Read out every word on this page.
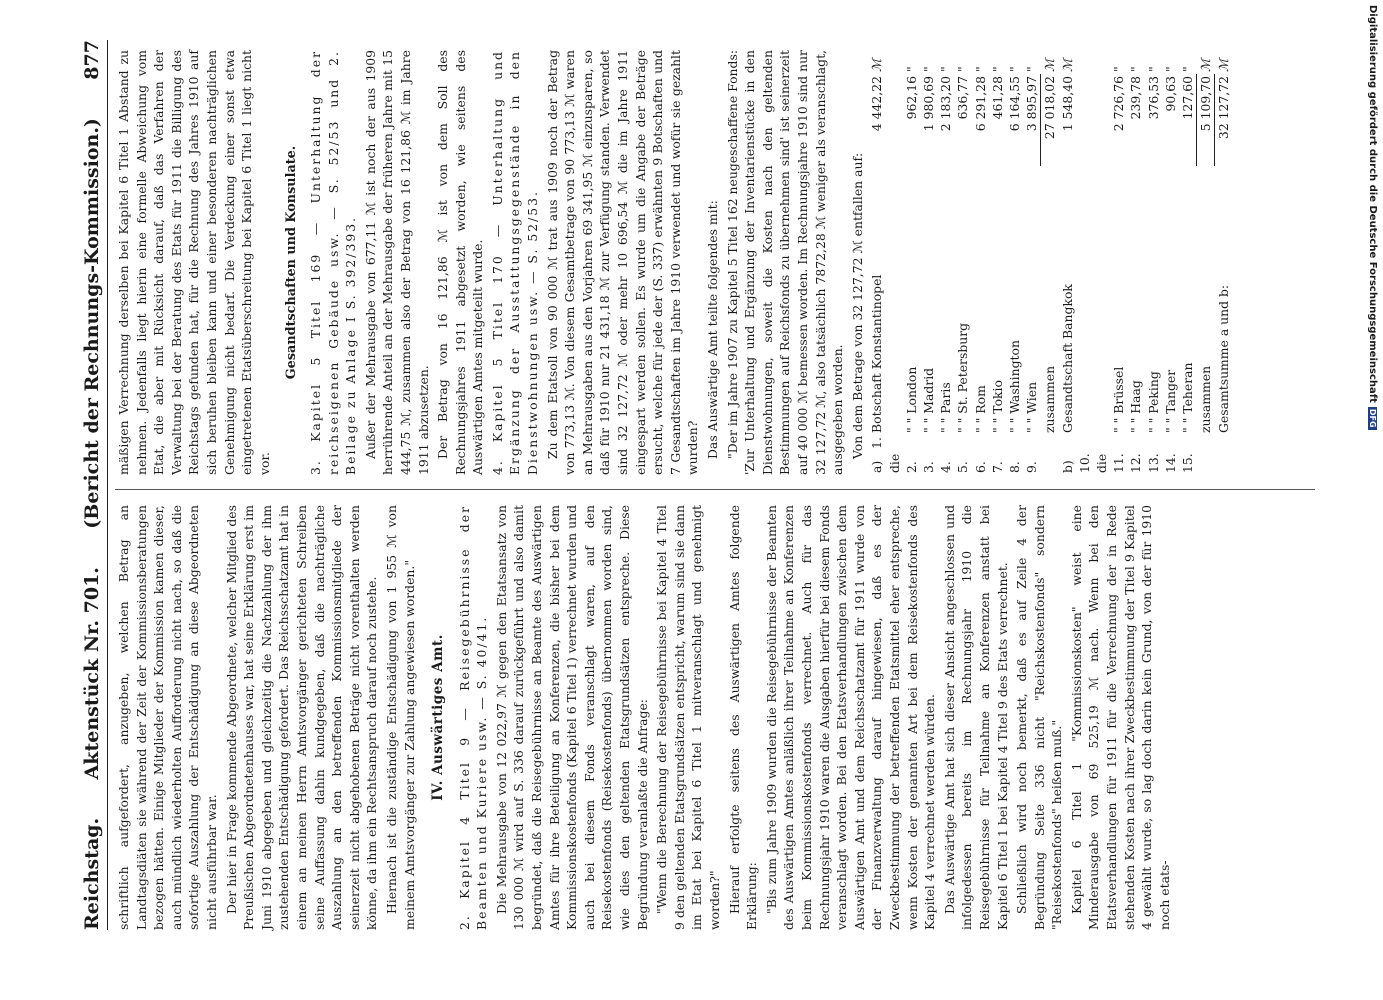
Reichstag.
Aktenstück Nr. 701.
(Bericht der Rechnungs-Kommission.)
877

schriftlich aufgefordert, anzugeben, welchen Betrag an Landtagsdiäten sie während der Zeit der Kommissionsberatungen bezogen hätten. Einige Mitglieder der Kommission kamen dieser, auch mündlich wiederholten Aufforderung nicht nach, so daß die sofortige Auszahlung der Entschädigung an diese Abgeordneten nicht ausführbar war. Der hier in Frage kommende Abgeordnete, welcher Mitglied des Preußischen Abgeordnetenhauses war, hat seine Erklärung erst im Juni 1910 abgegeben und gleichzeitig die Nachzahlung der ihm zustehenden Entschädigung gefordert. Das Reichsschatzamt hat in einem an meinen Herrn Amtsvorgänger gerichteten Schreiben seine Auffassung dahin kundgegeben, daß die nachträgliche Auszahlung an den betreffenden Kommissionsmitgliede der seinerzeit nicht abgehobenen Beträge nicht vorenthalten werden könne, da ihm ein Rechtsanspruch darauf noch zustehe. Hiernach ist die zuständige Entschädigung von 1 955 ℳ von meinem Amtsvorgänger zur Zahlung angewiesen worden." IV. Auswärtiges Amt. 2. Kapitel 4 Titel 9 — Reisegebührnisse der Beamten und Kuriere usw. — S. 40/41. Die Mehrausgabe von 12 022,97 ℳ gegen den Etatsansatz von 130 000 ℳ wird auf S. 336 darauf zurückgeführt und also damit begründet, daß die Reisegebührnisse an Beamte des Auswärtigen Amtes für ihre Beteiligung an Konferenzen, die bisher bei dem Kommissionskostenfonds (Kapitel 6 Titel 1) verrechnet wurden und auch bei diesem Fonds veranschlagt waren, auf den Reisekostenfonds (Reisekostenfonds) übernommen worden sind, wie dies den geltenden Etatsgrundsätzen entspreche. Diese Begründung veranlaßte die Anfrage: "Wenn die Berechnung der Reisegebührnisse bei Kapitel 4 Titel 9 den geltenden Etatsgrundsätzen entspricht, warum sind sie dann im Etat bei Kapitel 6 Titel 1 mitveranschlagt und genehmigt worden?" Hierauf erfolgte seitens des Auswärtigen Amtes folgende Erklärung: "Bis zum Jahre 1909 wurden die Reisegebührnisse der Beamten des Auswärtigen Amtes anläßlich ihrer Teilnahme an Konferenzen beim Kommissionskostenfonds verrechnet. Auch für das Rechnungsjahr 1910 waren die Ausgaben hierfür bei diesem Fonds veranschlagt worden. Bei den Etatsverhandlungen zwischen dem Auswärtigen Amt und dem Reichsschatzamt für 1911 wurde von der Finanzverwaltung darauf hingewiesen, daß es der Zweckbestimmung der betreffenden Etatsmittel eher entspreche, wenn Kosten der genannten Art bei dem Reisekostenfonds des Kapitel 4 verrechnet werden würden. Das Auswärtige Amt hat sich dieser Ansicht angeschlossen und infolgedessen bereits im Rechnungsjahr 1910 die Reisegebührnisse für Teilnahme an Konferenzen anstatt bei Kapitel 6 Titel 1 bei Kapitel 4 Titel 9 des Etats verrechnet. Schließlich wird noch bemerkt, daß es auf Zeile 4 der Begründung Seite 336 nicht "Reichskostenfonds" sondern "Reisekostenfonds" heißen muß." Kapitel 6 Titel 1 "Kommissionskosten" weist eine Minderausgabe von 69 525,19 ℳ nach. Wenn bei den Etatsverhandlungen für 1911 für die Verrechnung der in Rede stehenden Kosten nach ihrer Zweckbestimmung der Titel 9 Kapitel 4 gewählt wurde, so lag doch darin kein Grund, von der für 1910 noch etats-

mäßigen Verrechnung derselben bei Kapitel 6 Titel 1 Abstand zu nehmen. Jedenfalls liegt hierin eine formelle Abweichung vom Etat, die aber mit Rücksicht darauf, daß das Verfahren der Verwaltung bei der Beratung des Etats für 1911 die Billigung des Reichstags gefunden hat, für die Rechnung des Jahres 1910 auf sich beruhen bleiben kann und einer besonderen nachträglichen Genehmigung nicht bedarf. Die Verdeckung einer sonst etwa eingetretenen Etatsüberschreitung bei Kapitel 6 Titel 1 liegt nicht vor.

Gesandtschaften und Konsulate. 3. Kapitel 5 Titel 169 — Unterhaltung der reichseigenen Gebäude usw. — S. 52/53 und 2. Beilage zu Anlage I S. 392/393. Außer der Mehrausgabe von 677,11 ℳ ist noch der aus 1909 herrührende Anteil an der Mehrausgabe der früheren Jahre mit 15 444,75 ℳ, zusammen also der Betrag von 16 121,86 ℳ im Jahre 1911 abzusetzen. Der Betrag von 16 121,86 ℳ ist von dem Soll des Rechnungsjahres 1911 abgesetzt worden, wie seitens des Auswärtigen Amtes mitgeteilt wurde. 4. Kapitel 5 Titel 170 — Unterhaltung und Ergänzung der Ausstattungsgegenstände in den Dienstwohnungen usw. — S. 52/53. Zu dem Etatsoll von 90 000 ℳ trat aus 1909 noch der Betrag von 773,13 ℳ. Von diesem Gesamtbetrage von 90 773,13 ℳ waren an Mehrausgaben aus den Vorjahren 69 341,95 ℳ einzusparen, so daß für 1910 nur 21 431,18 ℳ zur Verfügung standen. Verwendet sind 32 127,72 ℳ oder mehr 10 696,54 ℳ die im Jahre 1911 eingespart werden sollen. Es wurde um die Angabe der Beträge ersucht, welche für jede der (S. 337) erwähnten 9 Botschaften und 7 Gesandtschaften im Jahre 1910 verwendet und wofür sie gezahlt wurden? Das Auswärtige Amt teilte folgendes mit: "Der im Jahre 1907 zu Kapitel 5 Titel 162 neugeschaffene Fonds: 'Zur Unterhaltung und Ergänzung der Inventarienstücke in den Dienstwohnungen, soweit die Kosten nach den geltenden Bestimmungen auf Reichsfonds zu übernehmen sind' ist seinerzeit auf 40 000 ℳ bemessen worden. Im Rechnungsjahre 1910 sind nur 32 127,72 ℳ, also tatsächlich 7872,28 ℳ weniger als veranschlagt, ausgegeben worden. Von dem Betrage von 32 127,72 ℳ entfallen auf: a) 1. die	Botschaft Konstantinopel	4 442,22	ℳ
2.	" " London	962,16	"
3.	" " Madrid	1 980,69	"
4.	" " Paris	2 183,20	"
5.	" " St. Petersburg	636,77	"
6.	" " Rom	6 291,28	"
7.	" " Tokio	461,28	"
8.	" " Washington	6 164,55	"
9.	" " Wien	3 895,97	"
	zusammen	27 018,02	ℳ
b) 10. die	Gesandtschaft Bangkok	1 548,40	ℳ
11.	" " Brüssel	2 726,76	"
12.	" " Haag	239,78	"
13.	" " Peking	376,53	"
14.	" " Tanger	90,63	"
15.	" " Teheran	127,60	"
	zusammen	5 109,70	ℳ
	Gesamtsumme a und b:	32 127,72	ℳ	Digitalisierung gefördert durch die Deutsche Forschungsgemeinschaft
DFG
